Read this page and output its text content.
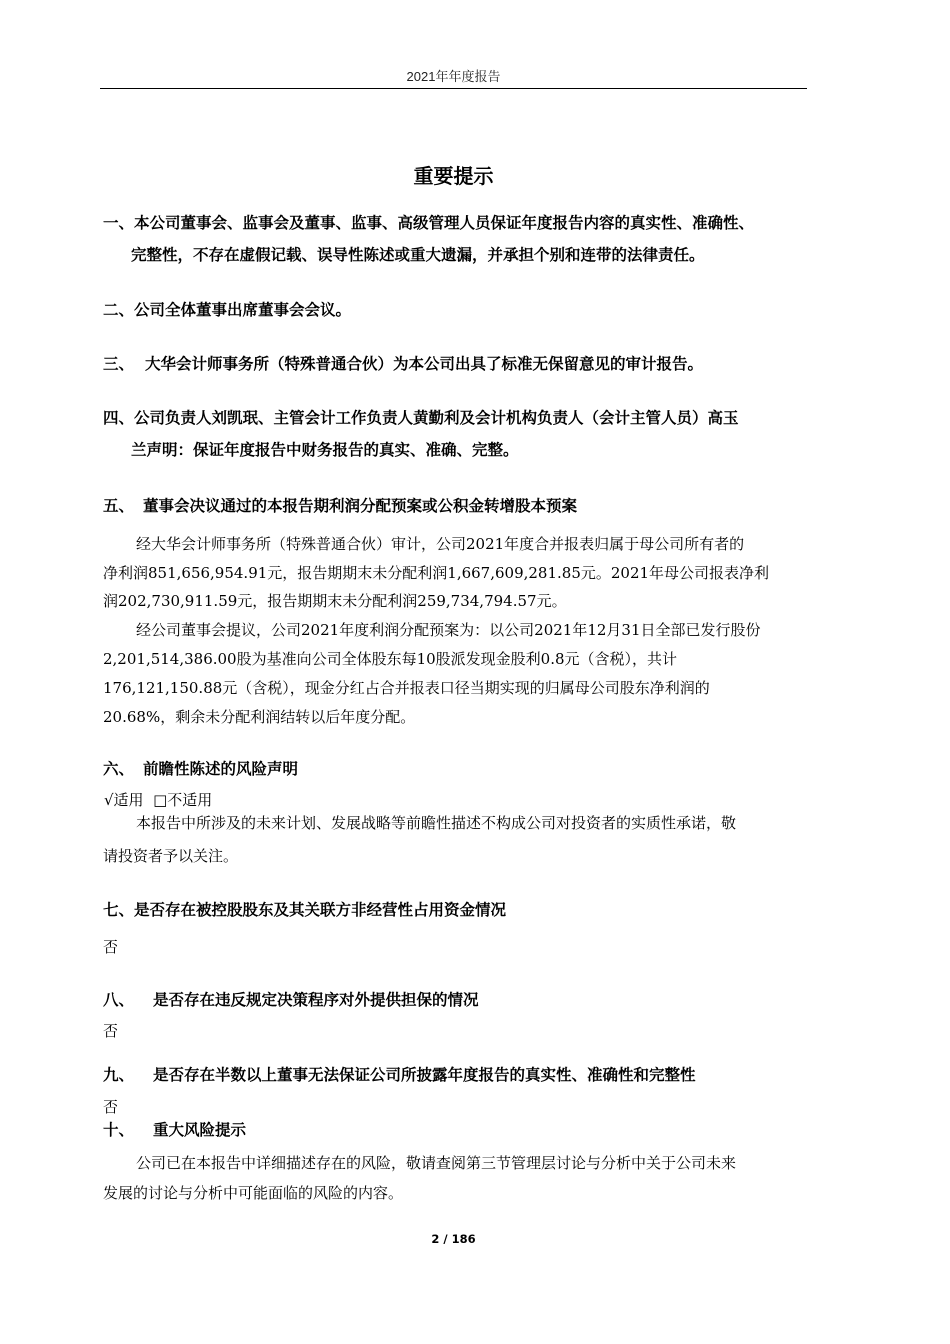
2021年年度报告
重要提示
一、本公司董事会、监事会及董事、监事、高级管理人员保证年度报告内容的真实性、准确性、
完整性，不存在虚假记载、误导性陈述或重大遗漏，并承担个别和连带的法律责任。
二、公司全体董事出席董事会会议。
三、 大华会计师事务所（特殊普通合伙）为本公司出具了标准无保留意见的审计报告。
四、公司负责人刘凯珉、主管会计工作负责人黄勤利及会计机构负责人（会计主管人员）高玉
兰声明：保证年度报告中财务报告的真实、准确、完整。
五、 董事会决议通过的本报告期利润分配预案或公积金转增股本预案
经大华会计师事务所（特殊普通合伙）审计，公司2021年度合并报表归属于母公司所有者的
净利润851,656,954.91元，报告期期末未分配利润1,667,609,281.85元。2021年母公司报表净利
润202,730,911.59元，报告期期末未分配利润259,734,794.57元。
经公司董事会提议，公司2021年度利润分配预案为：以公司2021年12月31日全部已发行股份
2,201,514,386.00股为基准向公司全体股东每10股派发现金股利0.8元（含税），共计
176,121,150.88元（含税），现金分红占合并报表口径当期实现的归属母公司股东净利润的
20.68%，剩余未分配利润结转以后年度分配。
六、 前瞻性陈述的风险声明
√适用  □不适用
本报告中所涉及的未来计划、发展战略等前瞻性描述不构成公司对投资者的实质性承诺，敬
请投资者予以关注。
七、是否存在被控股股东及其关联方非经营性占用资金情况
否
八、 是否存在违反规定决策程序对外提供担保的情况
否
九、 是否存在半数以上董事无法保证公司所披露年度报告的真实性、准确性和完整性
否
十、 重大风险提示
公司已在本报告中详细描述存在的风险，敬请查阅第三节管理层讨论与分析中关于公司未来
发展的讨论与分析中可能面临的风险的内容。
2 / 186
